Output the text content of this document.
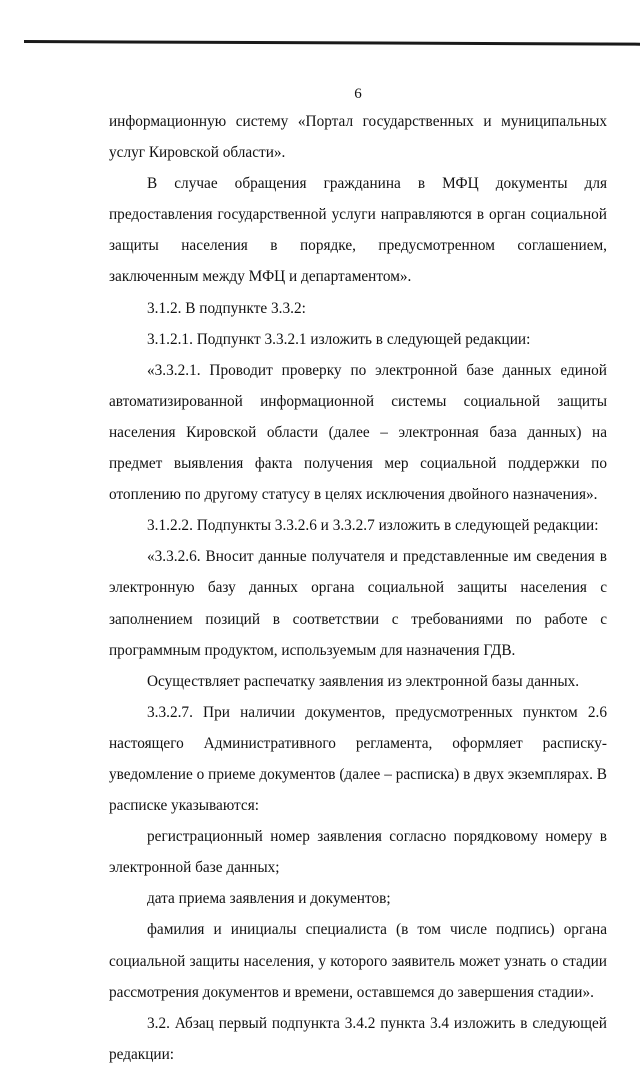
6

информационную систему «Портал государственных и муниципальных услуг Кировской области».

В случае обращения гражданина в МФЦ документы для предоставления государственной услуги направляются в орган социальной защиты населения в порядке, предусмотренном соглашением, заключенным между МФЦ и департаментом».

3.1.2. В подпункте 3.3.2:

3.1.2.1. Подпункт 3.3.2.1 изложить в следующей редакции:

«3.3.2.1. Проводит проверку по электронной базе данных единой автоматизированной информационной системы социальной защиты населения Кировской области (далее – электронная база данных) на предмет выявления факта получения мер социальной поддержки по отоплению по другому статусу в целях исключения двойного назначения».

3.1.2.2. Подпункты 3.3.2.6 и 3.3.2.7 изложить в следующей редакции:

«3.3.2.6. Вносит данные получателя и представленные им сведения в электронную базу данных органа социальной защиты населения с заполнением позиций в соответствии с требованиями по работе с программным продуктом, используемым для назначения ГДВ.

Осуществляет распечатку заявления из электронной базы данных.

3.3.2.7. При наличии документов, предусмотренных пунктом 2.6 настоящего Административного регламента, оформляет расписку-уведомление о приеме документов (далее – расписка) в двух экземплярах. В расписке указываются:

регистрационный номер заявления согласно порядковому номеру в электронной базе данных;

дата приема заявления и документов;

фамилия и инициалы специалиста (в том числе подпись) органа социальной защиты населения, у которого заявитель может узнать о стадии рассмотрения документов и времени, оставшемся до завершения стадии».

3.2. Абзац первый подпункта 3.4.2 пункта 3.4 изложить в следующей редакции:
